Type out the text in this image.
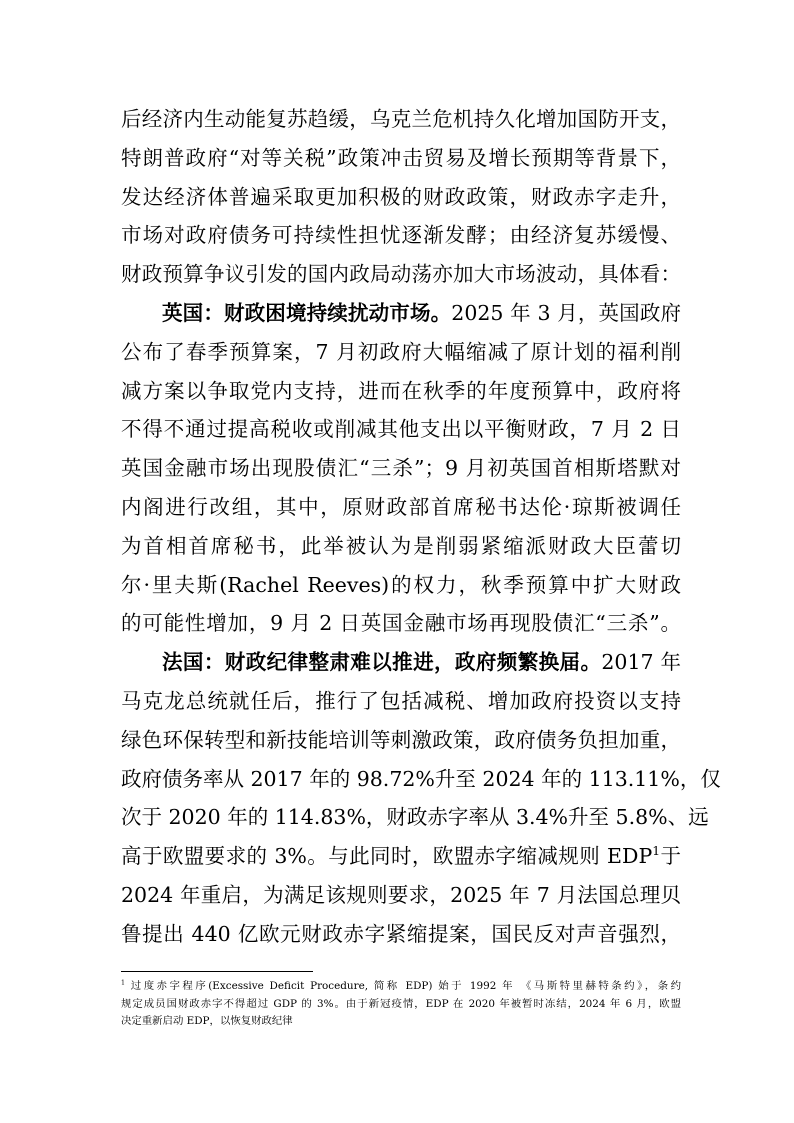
后经济内生动能复苏趋缓，乌克兰危机持久化增加国防开支，
特朗普政府“对等关税”政策冲击贸易及增长预期等背景下，
发达经济体普遍采取更加积极的财政政策，财政赤字走升，
市场对政府债务可持续性担忧逐渐发酵；由经济复苏缓慢、
财政预算争议引发的国内政局动荡亦加大市场波动，具体看：

英国：财政困境持续扰动市场。2025 年 3 月，英国政府
公布了春季预算案，7 月初政府大幅缩减了原计划的福利削
减方案以争取党内支持，进而在秋季的年度预算中，政府将
不得不通过提高税收或削减其他支出以平衡财政，7 月 2 日
英国金融市场出现股债汇“三杀”；9 月初英国首相斯塔默对
内阁进行改组，其中，原财政部首席秘书达伦·琼斯被调任
为首相首席秘书，此举被认为是削弱紧缩派财政大臣蕾切
尔·里夫斯(Rachel Reeves)的权力，秋季预算中扩大财政
的可能性增加，9 月 2 日英国金融市场再现股债汇“三杀”。

法国：财政纪律整肃难以推进，政府频繁换届。2017 年
马克龙总统就任后，推行了包括减税、增加政府投资以支持
绿色环保转型和新技能培训等刺激政策，政府债务负担加重，
政府债务率从 2017 年的 98.72%升至 2024 年的 113.11%，仅
次于 2020 年的 114.83%，财政赤字率从 3.4%升至 5.8%、远
高于欧盟要求的 3%。与此同时，欧盟赤字缩减规则 EDP$^1$于
2024 年重启，为满足该规则要求，2025 年 7 月法国总理贝
鲁提出 440 亿欧元财政赤字紧缩提案，国民反对声音强烈，

$^1$ 过度赤字程序(Excessive Deficit Procedure, 简称 EDP) 始于 1992 年 《马斯特里赫特条约》，条约
规定成员国财政赤字不得超过 GDP 的 3%。由于新冠疫情，EDP 在 2020 年被暂时冻结，2024 年 6 月，欧盟
决定重新启动 EDP，以恢复财政纪律
